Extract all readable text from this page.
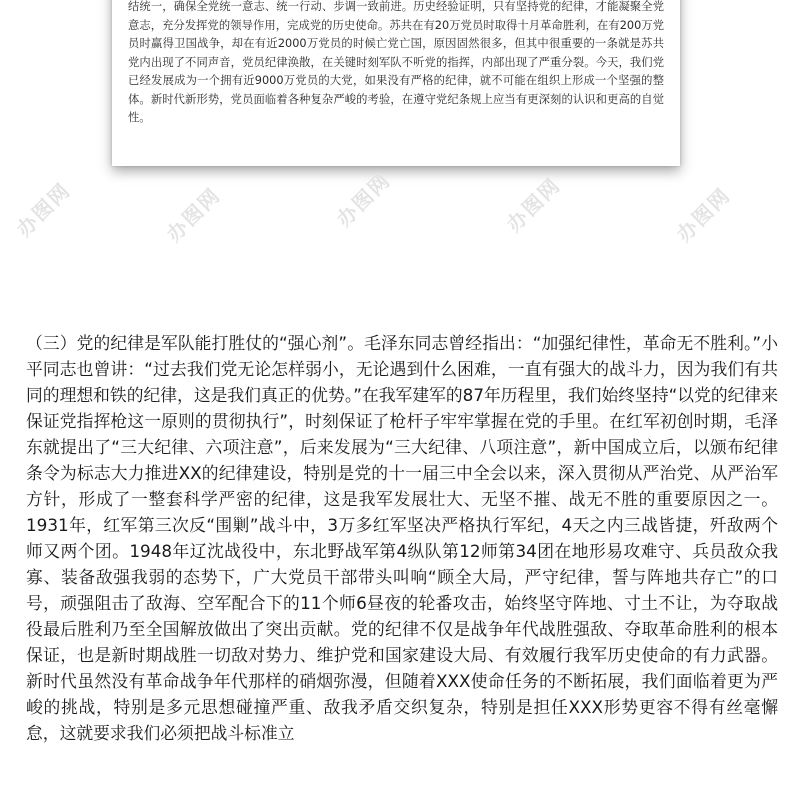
结统一，确保全党统一意志、统一行动、步调一致前进。历史经验证明，只有坚持党的纪律，才能凝聚全党意志，充分发挥党的领导作用，完成党的历史使命。苏共在有20万党员时取得十月革命胜利，在有200万党员时赢得卫国战争，却在有近2000万党员的时候亡党亡国，原因固然很多，但其中很重要的一条就是苏共党内出现了不同声音，党员纪律涣散，在关键时刻军队不听党的指挥，内部出现了严重分裂。今天，我们党已经发展成为一个拥有近9000万党员的大党，如果没有严格的纪律，就不可能在组织上形成一个坚强的整体。新时代新形势，党员面临着各种复杂严峻的考验，在遵守党纪条规上应当有更深刻的认识和更高的自觉性。

办图网	办图网	办图网	办图网
办图网

（三）党的纪律是军队能打胜仗的“强心剂”。毛泽东同志曾经指出：“加强纪律性，革命无不胜利。”小平同志也曾讲：“过去我们党无论怎样弱小，无论遇到什么困难，一直有强大的战斗力，因为我们有共同的理想和铁的纪律，这是我们真正的优势。”在我军建军的87年历程里，我们始终坚持“以党的纪律来保证党指挥枪这一原则的贯彻执行”，时刻保证了枪杆子牢牢掌握在党的手里。在红军初创时期，毛泽东就提出了“三大纪律、六项注意”，后来发展为“三大纪律、八项注意”，新中国成立后，以颁布纪律条令为标志大力推进XX的纪律建设，特别是党的十一届三中全会以来，深入贯彻从严治党、从严治军方针，形成了一整套科学严密的纪律，这是我军发展壮大、无坚不摧、战无不胜的重要原因之一。1931年，红军第三次反“围剿”战斗中，3万多红军坚决严格执行军纪，4天之内三战皆捷，歼敌两个师又两个团。1948年辽沈战役中，东北野战军第4纵队第12师第34团在地形易攻难守、兵员敌众我寡、装备敌强我弱的态势下，广大党员干部带头叫响“顾全大局，严守纪律，誓与阵地共存亡”的口号，顽强阻击了敌海、空军配合下的11个师6昼夜的轮番攻击，始终坚守阵地、寸土不让，为夺取战役最后胜利乃至全国解放做出了突出贡献。党的纪律不仅是战争年代战胜强敌、夺取革命胜利的根本保证，也是新时期战胜一切敌对势力、维护党和国家建设大局、有效履行我军历史使命的有力武器。新时代虽然没有革命战争年代那样的硝烟弥漫，但随着XXX使命任务的不断拓展，我们面临着更为严峻的挑战，特别是多元思想碰撞严重、敌我矛盾交织复杂，特别是担任XXX形势更容不得有丝毫懈怠，这就要求我们必须把战斗标准立
